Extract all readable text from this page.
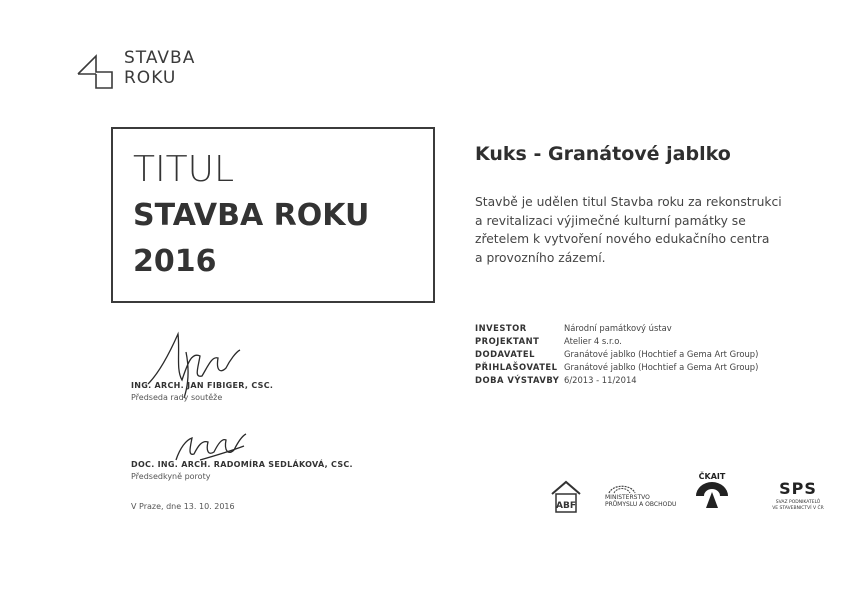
STAVBA
ROKU
TITUL
STAVBA ROKU
2016
Kuks - Granátové jablko
Stavbě je udělen titul Stavba roku za rekonstrukci
a revitalizaci výjimečné kulturní památky se
zřetelem k vytvoření nového edukačního centra
a provozního zázemí.
INVESTOR	Národní památkový ústav
PROJEKTANT	Atelier 4 s.r.o.
DODAVATEL	Granátové jablko (Hochtief a Gema Art Group)
PŘIHLAŠOVATEL Granátové jablko (Hochtief a Gema Art Group)
DOBA VÝSTAVBY 6/2013 - 11/2014
ING. ARCH. JAN FIBIGER, CSC.
Předseda rady soutěže
DOC. ING. ARCH. RADOMÍRA SEDLÁKOVÁ, CSC.
Předsedkyně poroty
V Praze, dne 13. 10. 2016	ABF
MINISTERSTVO
PRŮMYSLU A OBCHODU
ČKAIT
SPS
SVAZ PODNIKATELŮ
VE STAVEBNICTVÍ V ČR
